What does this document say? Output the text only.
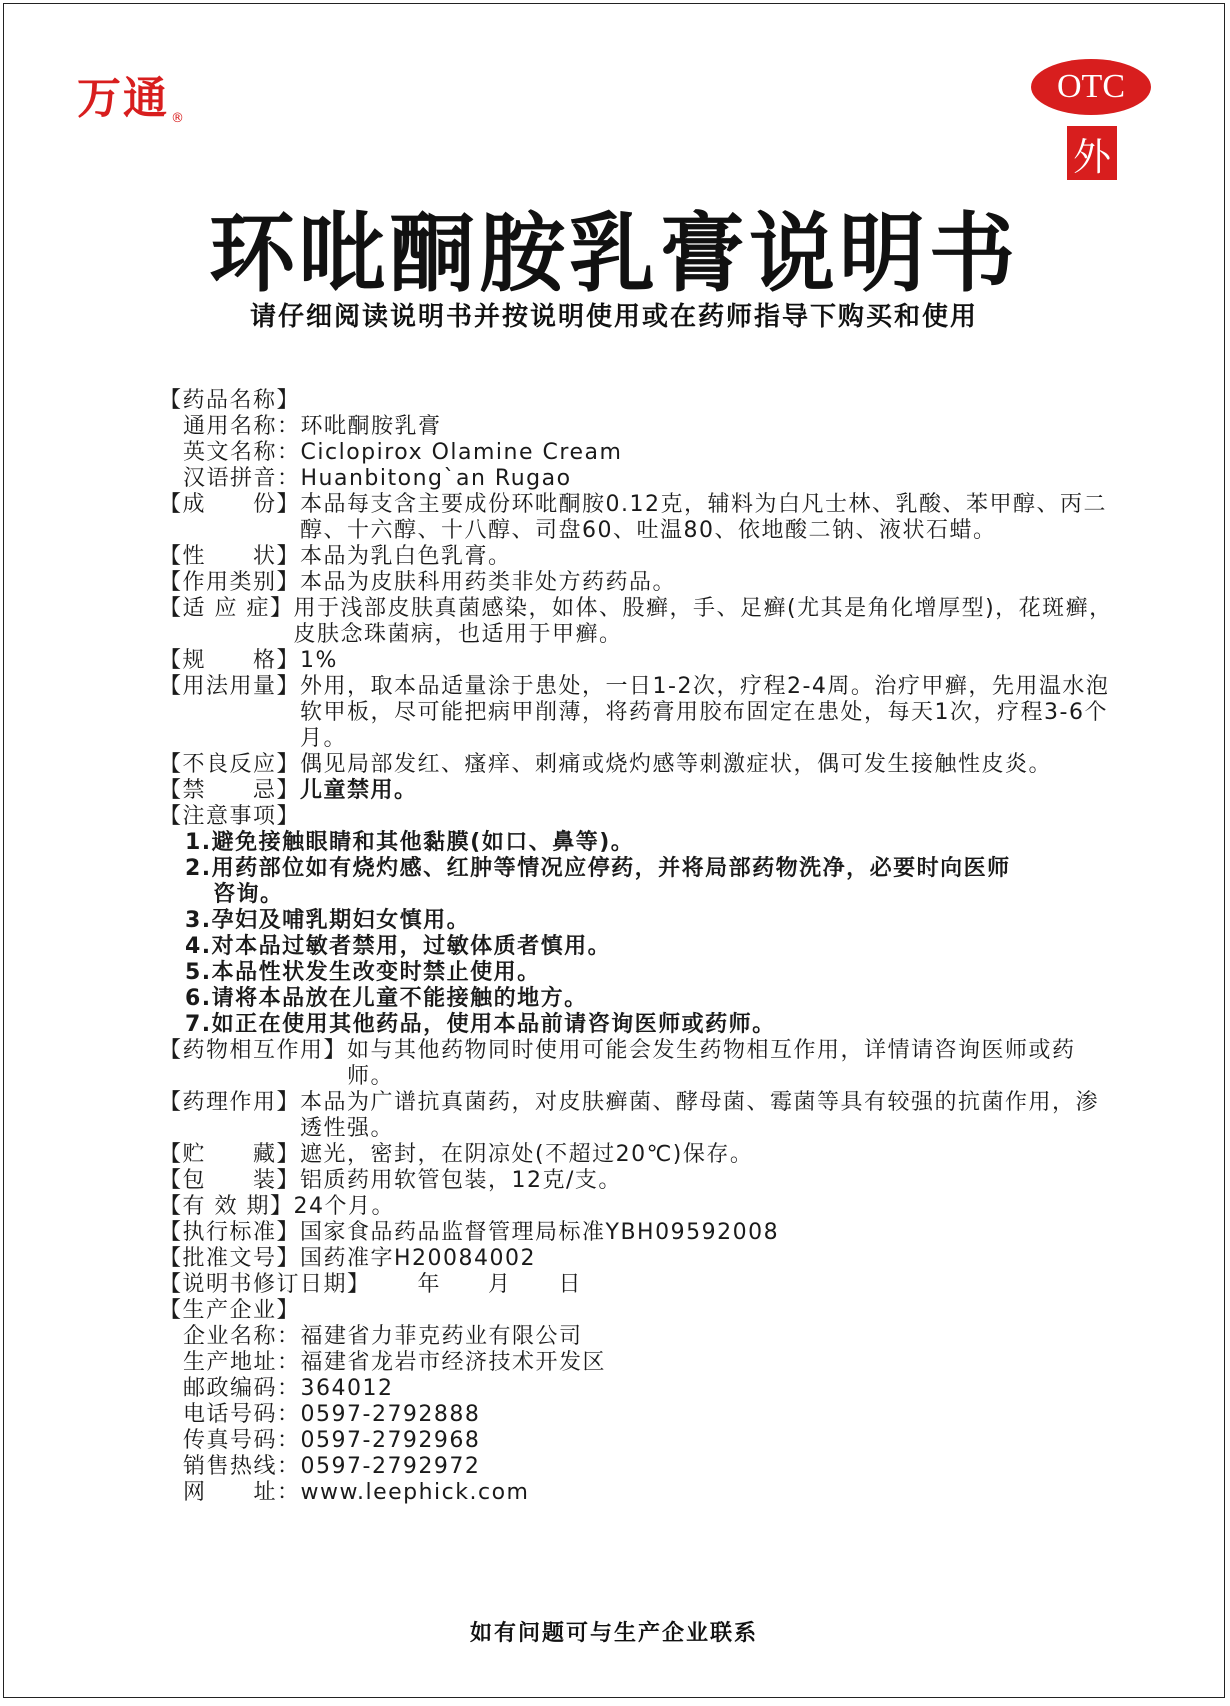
万通 ®
OTC
外
环吡酮胺乳膏说明书
请仔细阅读说明书并按说明使用或在药师指导下购买和使用
【药品名称】
通用名称： 环吡酮胺乳膏
英文名称： Ciclopirox Olamine Cream
汉语拼音： Huanbitong`an Rugao
【成　　份】 本品每支含主要成份环吡酮胺0.12克，辅料为白凡士林、乳酸、苯甲醇、丙二醇、十六醇、十八醇、司盘60、吐温80、依地酸二钠、液状石蜡。
【性　　状】 本品为乳白色乳膏。
【作用类别】 本品为皮肤科用药类非处方药药品。
【适 应 症】 用于浅部皮肤真菌感染，如体、股癣，手、足癣(尤其是角化增厚型)，花斑癣，皮肤念珠菌病，也适用于甲癣。
【规　　格】 1%
【用法用量】 外用，取本品适量涂于患处，一日1-2次，疗程2-4周。治疗甲癣，先用温水泡软甲板，尽可能把病甲削薄，将药膏用胶布固定在患处，每天1次，疗程3-6个月。
【不良反应】 偶见局部发红、瘙痒、刺痛或烧灼感等刺激症状，偶可发生接触性皮炎。
【禁　　忌】 儿童禁用。
【注意事项】
1.避免接触眼睛和其他黏膜(如口、鼻等)。
2.用药部位如有烧灼感、红肿等情况应停药，并将局部药物洗净，必要时向医师
咨询。
3.孕妇及哺乳期妇女慎用。
4.对本品过敏者禁用，过敏体质者慎用。
5.本品性状发生改变时禁止使用。
6.请将本品放在儿童不能接触的地方。
7.如正在使用其他药品，使用本品前请咨询医师或药师。
【药物相互作用】 如与其他药物同时使用可能会发生药物相互作用，详情请咨询医师或药师。
【药理作用】 本品为广谱抗真菌药，对皮肤癣菌、酵母菌、霉菌等具有较强的抗菌作用，渗透性强。
【贮　　藏】 遮光，密封，在阴凉处(不超过20℃)保存。
【包　　装】 铝质药用软管包装，12克/支。
【有 效 期】 24个月。
【执行标准】 国家食品药品监督管理局标准YBH09592008
【批准文号】 国药准字H20084002
【说明书修订日期】 　　年　　月　　日
【生产企业】
企业名称： 福建省力菲克药业有限公司
生产地址： 福建省龙岩市经济技术开发区
邮政编码： 364012
电话号码： 0597-2792888
传真号码： 0597-2792968
销售热线： 0597-2792972
网　　址： www.leephick.com
如有问题可与生产企业联系
